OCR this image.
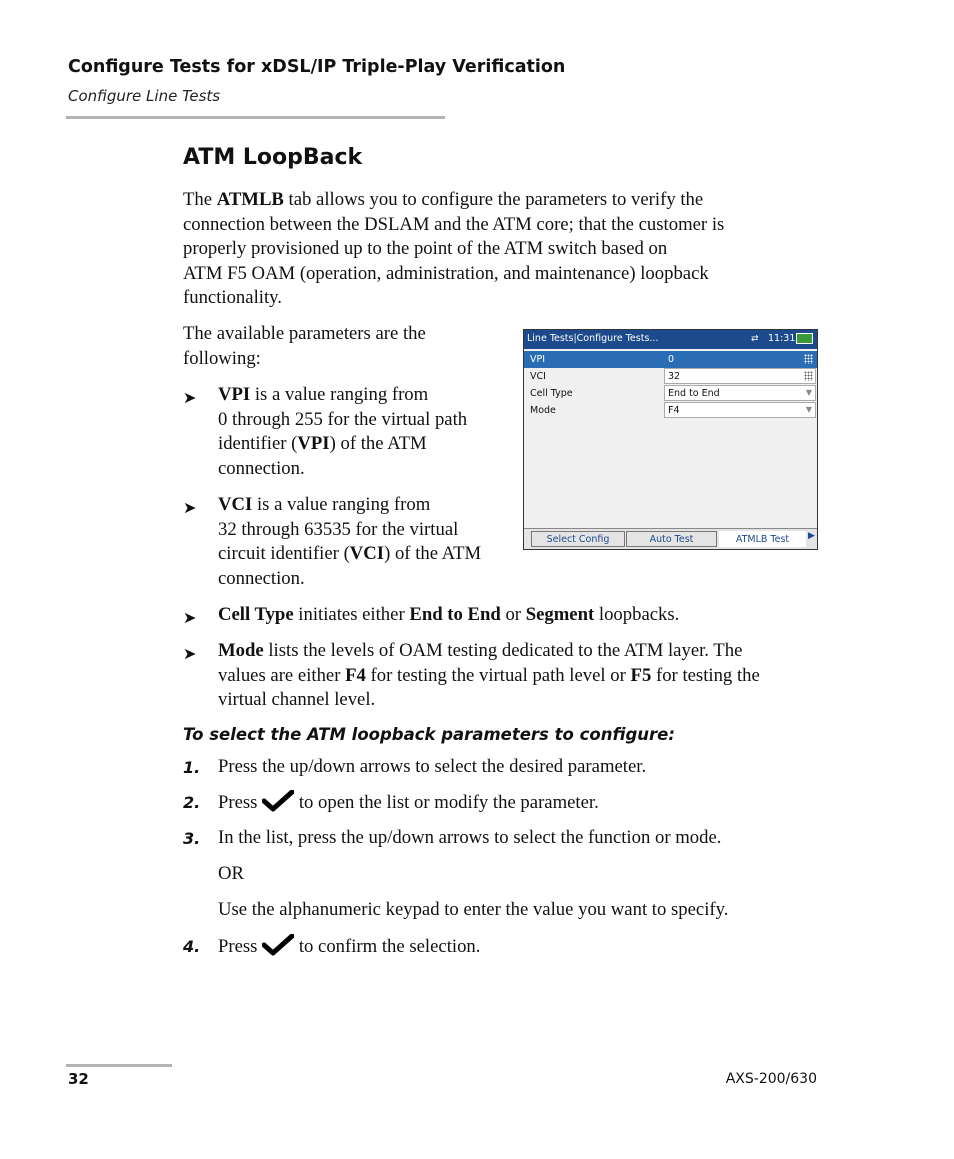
Configure Tests for xDSL/IP Triple-Play Verification
Configure Line Tests
ATM LoopBack
The ATMLB tab allows you to configure the parameters to verify the
connection between the DSLAM and the ATM core; that the customer is
properly provisioned up to the point of the ATM switch based on
ATM F5 OAM (operation, administration, and maintenance) loopback
functionality.
The available parameters are the
following:
➤ VPI is a value ranging from
0 through 255 for the virtual path
identifier (VPI) of the ATM
connection.
➤ VCI is a value ranging from
32 through 63535 for the virtual
circuit identifier (VCI) of the ATM
connection.
➤ Cell Type initiates either End to End or Segment loopbacks.
➤ Mode lists the levels of OAM testing dedicated to the ATM layer. The
values are either F4 for testing the virtual path level or F5 for testing the
virtual channel level.
Line Tests|Configure Tests...	⇄ 11:31
VPI	0
VCI	32
Cell Type	End to End	▼
Mode	F4	▼
Select Config	Auto Test	ATMLB Test	▶
To select the ATM loopback parameters to configure:
1. Press the up/down arrows to select the desired parameter.
2. Press to open the list or modify the parameter.
3. In the list, press the up/down arrows to select the function or mode.
OR
Use the alphanumeric keypad to enter the value you want to specify.
4. Press to confirm the selection.
32	AXS-200/630
